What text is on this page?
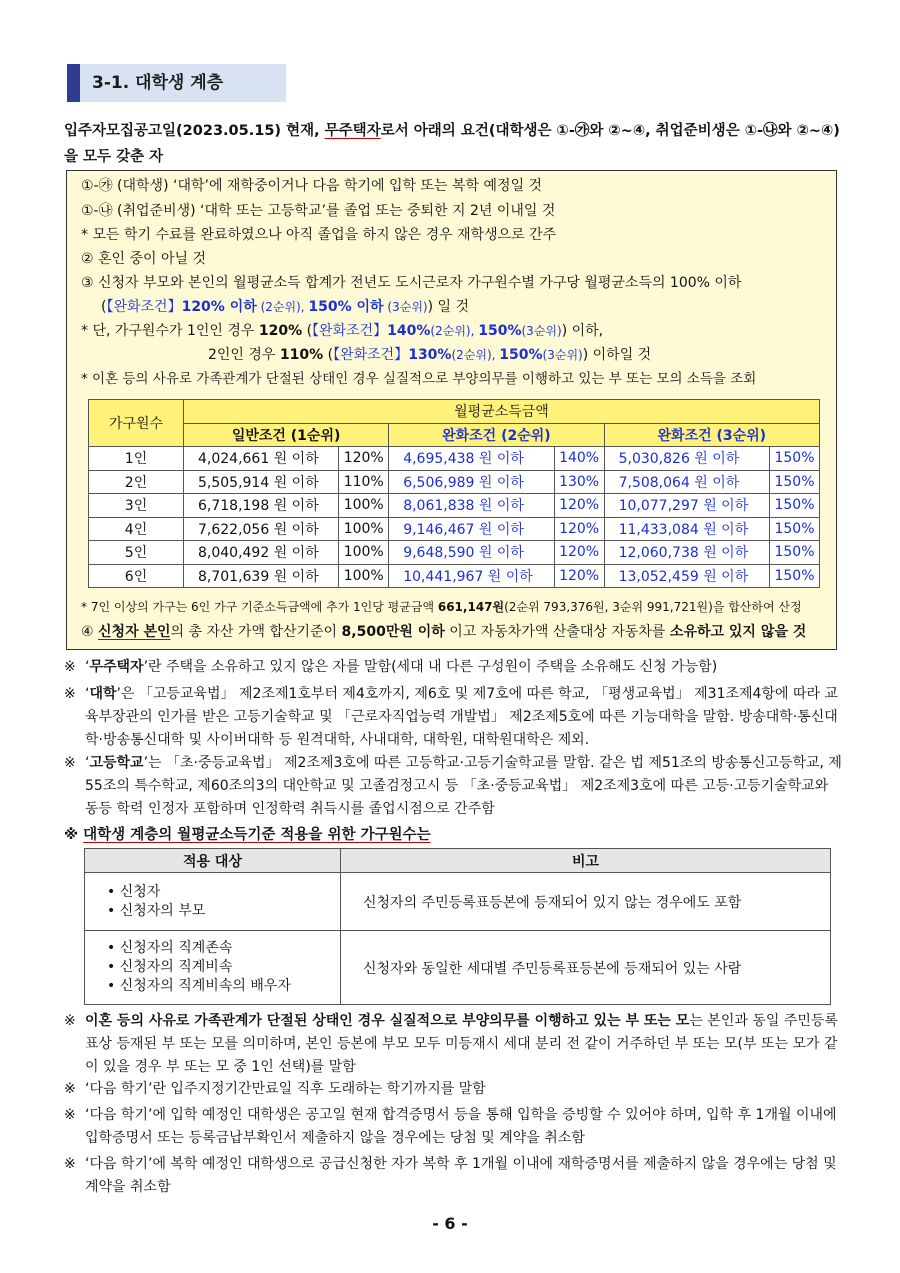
3-1. 대학생 계층
입주자모집공고일(2023.05.15) 현재, 무주택자로서 아래의 요건(대학생은 ①-㉮와 ②~④, 취업준비생은 ①-㉯와 ②~④)을 모두 갖춘 자
①-㉮ (대학생) ‘대학’에 재학중이거나 다음 학기에 입학 또는 복학 예정일 것
①-㉯ (취업준비생) ‘대학 또는 고등학교’를 졸업 또는 중퇴한 지 2년 이내일 것
* 모든 학기 수료를 완료하였으나 아직 졸업을 하지 않은 경우 재학생으로 간주
② 혼인 중이 아닐 것
③ 신청자 부모와 본인의 월평균소득 합계가 전년도 도시근로자 가구원수별 가구당 월평균소득의 100% 이하
(【완화조건】120% 이하 (2순위), 150% 이하 (3순위)) 일 것
* 단, 가구원수가 1인인 경우 120% (【완화조건】140%(2순위), 150%(3순위)) 이하,
2인인 경우 110% (【완화조건】130%(2순위), 150%(3순위)) 이하일 것
* 이혼 등의 사유로 가족관계가 단절된 상태인 경우 실질적으로 부양의무를 이행하고 있는 부 또는 모의 소득을 조회
가구원수	월평균소득금액					
	일반조건 (1순위)		완화조건 (2순위)		완화조건 (3순위)	
1인	4,024,661 원 이하	120%	4,695,438 원 이하	140%	5,030,826 원 이하	150%
2인	5,505,914 원 이하	110%	6,506,989 원 이하	130%	7,508,064 원 이하	150%
3인	6,718,198 원 이하	100%	8,061,838 원 이하	120%	10,077,297 원 이하	150%
4인	7,622,056 원 이하	100%	9,146,467 원 이하	120%	11,433,084 원 이하	150%
5인	8,040,492 원 이하	100%	9,648,590 원 이하	120%	12,060,738 원 이하	150%
6인	8,701,639 원 이하	100%	10,441,967 원 이하	120%	13,052,459 원 이하	150%
* 7인 이상의 가구는 6인 가구 기준소득금액에 추가 1인당 평균금액 661,147원(2순위 793,376원, 3순위 991,721원)을 합산하여 산정
④ 신청자 본인의 총 자산 가액 합산기준이 8,500만원 이하 이고 자동차가액 산출대상 자동차를 소유하고 있지 않을 것
※ ‘무주택자’란 주택을 소유하고 있지 않은 자를 말함(세대 내 다른 구성원이 주택을 소유해도 신청 가능함)
※ ‘대학’은 「고등교육법」 제2조제1호부터 제4호까지, 제6호 및 제7호에 따른 학교, 「평생교육법」 제31조제4항에 따라 교육부장관의 인가를 받은 고등기술학교 및 「근로자직업능력 개발법」 제2조제5호에 따른 기능대학을 말함. 방송대학·통신대학·방송통신대학 및 사이버대학 등 원격대학, 사내대학, 대학원, 대학원대학은 제외.
※ ‘고등학교’는 「초·중등교육법」 제2조제3호에 따른 고등학교·고등기술학교를 말함. 같은 법 제51조의 방송통신고등학교, 제55조의 특수학교, 제60조의3의 대안학교 및 고졸검정고시 등 「초·중등교육법」 제2조제3호에 따른 고등·고등기술학교와 동등 학력 인정자 포함하며 인정학력 취득시를 졸업시점으로 간주함
※ 대학생 계층의 월평균소득기준 적용을 위한 가구원수는
적용 대상	비고

• 신청자
• 신청자의 부모	신청자의 주민등록표등본에 등재되어 있지 않는 경우에도 포함

• 신청자의 직계존속
• 신청자의 직계비속
• 신청자의 직계비속의 배우자	신청자와 동일한 세대별 주민등록표등본에 등재되어 있는 사람
※ 이혼 등의 사유로 가족관계가 단절된 상태인 경우 실질적으로 부양의무를 이행하고 있는 부 또는 모는 본인과 동일 주민등록표상 등재된 부 또는 모를 의미하며, 본인 등본에 부모 모두 미등재시 세대 분리 전 같이 거주하던 부 또는 모(부 또는 모가 같이 있을 경우 부 또는 모 중 1인 선택)를 말함
※ ‘다음 학기’란 입주지정기간만료일 직후 도래하는 학기까지를 말함
※ ‘다음 학기’에 입학 예정인 대학생은 공고일 현재 합격증명서 등을 통해 입학을 증빙할 수 있어야 하며, 입학 후 1개월 이내에 입학증명서 또는 등록금납부확인서 제출하지 않을 경우에는 당첨 및 계약을 취소함
※ ‘다음 학기’에 복학 예정인 대학생으로 공급신청한 자가 복학 후 1개월 이내에 재학증명서를 제출하지 않을 경우에는 당첨 및 계약을 취소함
- 6 -
